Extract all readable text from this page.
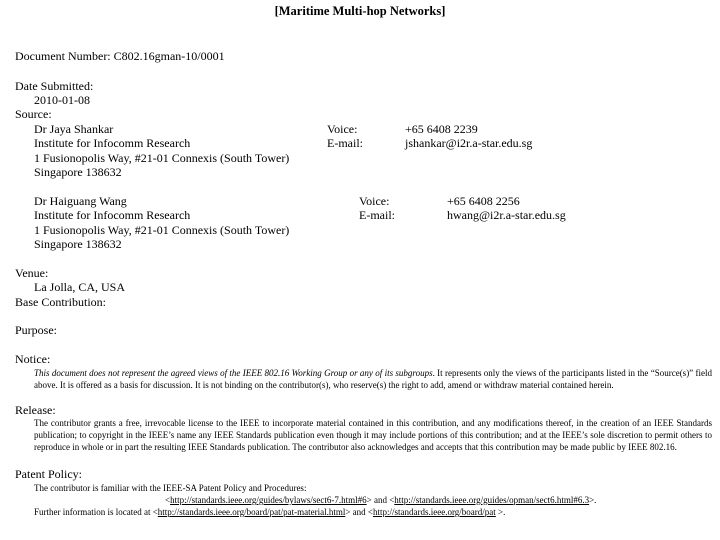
[Maritime Multi-hop Networks]
Document Number: C802.16gman-10/0001
Date Submitted:
2010-01-08
Source:
Dr Jaya Shankar
Institute for Infocomm Research
1 Fusionopolis Way, #21-01 Connexis (South Tower)
Singapore 138632
Voice:
E-mail:
+65 6408 2239
jshankar@i2r.a-star.edu.sg
Dr Haiguang Wang
Institute for Infocomm Research
1 Fusionopolis Way, #21-01 Connexis (South Tower)
Singapore 138632
Voice:
E-mail:
+65 6408 2256
hwang@i2r.a-star.edu.sg
Venue:
La Jolla, CA, USA
Base Contribution:
Purpose:
Notice:
This document does not represent the agreed views of the IEEE 802.16 Working Group or any of its subgroups. It represents only the views of the participants listed in the “Source(s)” field above. It is offered as a basis for discussion. It is not binding on the contributor(s), who reserve(s) the right to add, amend or withdraw material contained herein.
Release:
The contributor grants a free, irrevocable license to the IEEE to incorporate material contained in this contribution, and any modifications thereof, in the creation of an IEEE Standards publication; to copyright in the IEEE’s name any IEEE Standards publication even though it may include portions of this contribution; and at the IEEE’s sole discretion to permit others to reproduce in whole or in part the resulting IEEE Standards publication. The contributor also acknowledges and accepts that this contribution may be made public by IEEE 802.16.
Patent Policy:
The contributor is familiar with the IEEE-SA Patent Policy and Procedures:
<http://standards.ieee.org/guides/bylaws/sect6-7.html#6> and <http://standards.ieee.org/guides/opman/sect6.html#6.3>.
Further information is located at <http://standards.ieee.org/board/pat/pat-material.html> and <http://standards.ieee.org/board/pat >.
